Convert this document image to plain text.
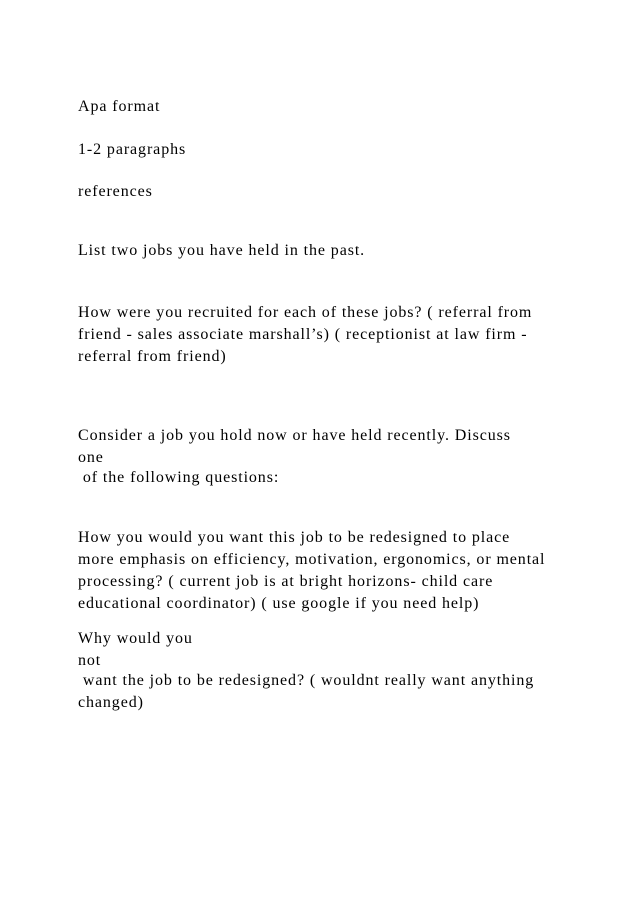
Apa format
1-2 paragraphs
references
List two jobs you have held in the past.
How were you recruited for each of these jobs? ( referral from
friend - sales associate marshall’s) ( receptionist at law firm -
referral from friend)
Consider a job you hold now or have held recently. Discuss
one
of the following questions:
How you would you want this job to be redesigned to place
more emphasis on efficiency, motivation, ergonomics, or mental
processing? ( current job is at bright horizons- child care
educational coordinator) ( use google if you need help)
Why would you
not
want the job to be redesigned? ( wouldnt really want anything
changed)
